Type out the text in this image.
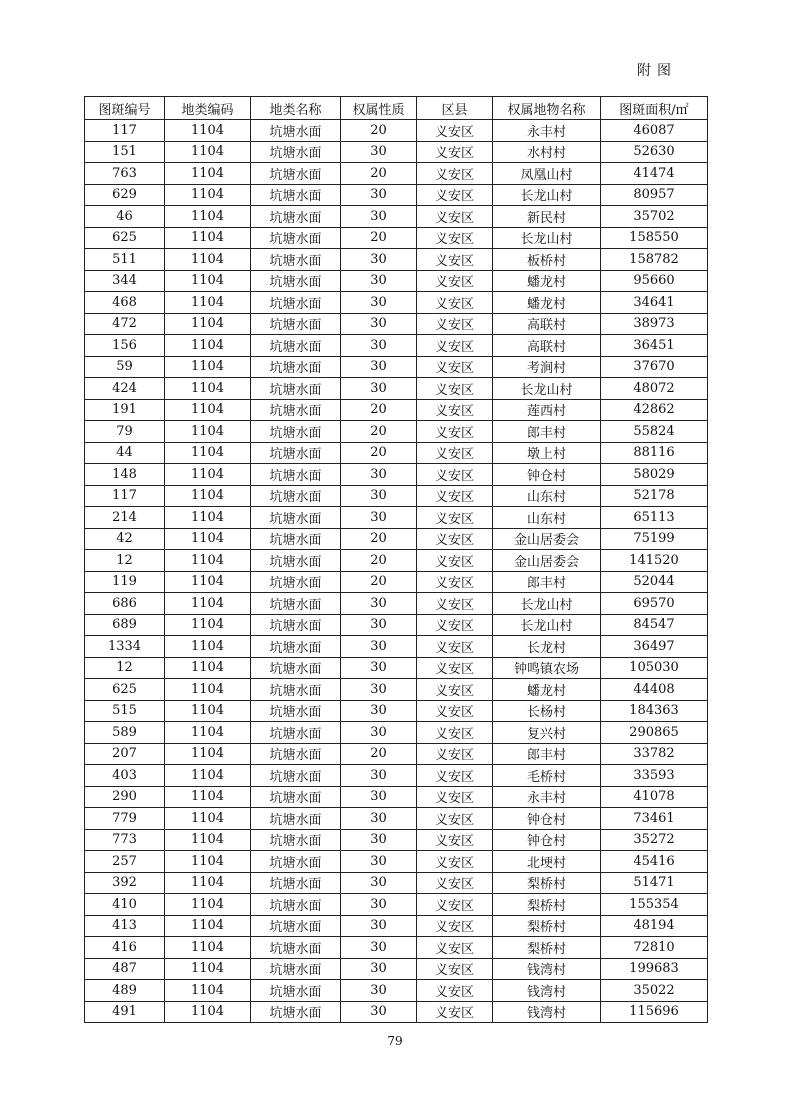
附图
图斑编号	地类编码	地类名称	权属性质	区县	权属地物名称	图斑面积/㎡
117	1104	坑塘水面	20	义安区	永丰村	46087
151	1104	坑塘水面	30	义安区	水村村	52630
763	1104	坑塘水面	20	义安区	凤凰山村	41474
629	1104	坑塘水面	30	义安区	长龙山村	80957
46	1104	坑塘水面	30	义安区	新民村	35702
625	1104	坑塘水面	20	义安区	长龙山村	158550
511	1104	坑塘水面	30	义安区	板桥村	158782
344	1104	坑塘水面	30	义安区	蟠龙村	95660
468	1104	坑塘水面	30	义安区	蟠龙村	34641
472	1104	坑塘水面	30	义安区	高联村	38973
156	1104	坑塘水面	30	义安区	高联村	36451
59	1104	坑塘水面	30	义安区	考涧村	37670
424	1104	坑塘水面	30	义安区	长龙山村	48072
191	1104	坑塘水面	20	义安区	莲西村	42862
79	1104	坑塘水面	20	义安区	郎丰村	55824
44	1104	坑塘水面	20	义安区	墩上村	88116
148	1104	坑塘水面	30	义安区	钟仓村	58029
117	1104	坑塘水面	30	义安区	山东村	52178
214	1104	坑塘水面	30	义安区	山东村	65113
42	1104	坑塘水面	20	义安区	金山居委会	75199
12	1104	坑塘水面	20	义安区	金山居委会	141520
119	1104	坑塘水面	20	义安区	郎丰村	52044
686	1104	坑塘水面	30	义安区	长龙山村	69570
689	1104	坑塘水面	30	义安区	长龙山村	84547
1334	1104	坑塘水面	30	义安区	长龙村	36497
12	1104	坑塘水面	30	义安区	钟鸣镇农场	105030
625	1104	坑塘水面	30	义安区	蟠龙村	44408
515	1104	坑塘水面	30	义安区	长杨村	184363
589	1104	坑塘水面	30	义安区	复兴村	290865
207	1104	坑塘水面	20	义安区	郎丰村	33782
403	1104	坑塘水面	30	义安区	毛桥村	33593
290	1104	坑塘水面	30	义安区	永丰村	41078
779	1104	坑塘水面	30	义安区	钟仓村	73461
773	1104	坑塘水面	30	义安区	钟仓村	35272
257	1104	坑塘水面	30	义安区	北埂村	45416
392	1104	坑塘水面	30	义安区	梨桥村	51471
410	1104	坑塘水面	30	义安区	梨桥村	155354
413	1104	坑塘水面	30	义安区	梨桥村	48194
416	1104	坑塘水面	30	义安区	梨桥村	72810
487	1104	坑塘水面	30	义安区	钱湾村	199683
489	1104	坑塘水面	30	义安区	钱湾村	35022
491	1104	坑塘水面	30	义安区	钱湾村	115696
79
